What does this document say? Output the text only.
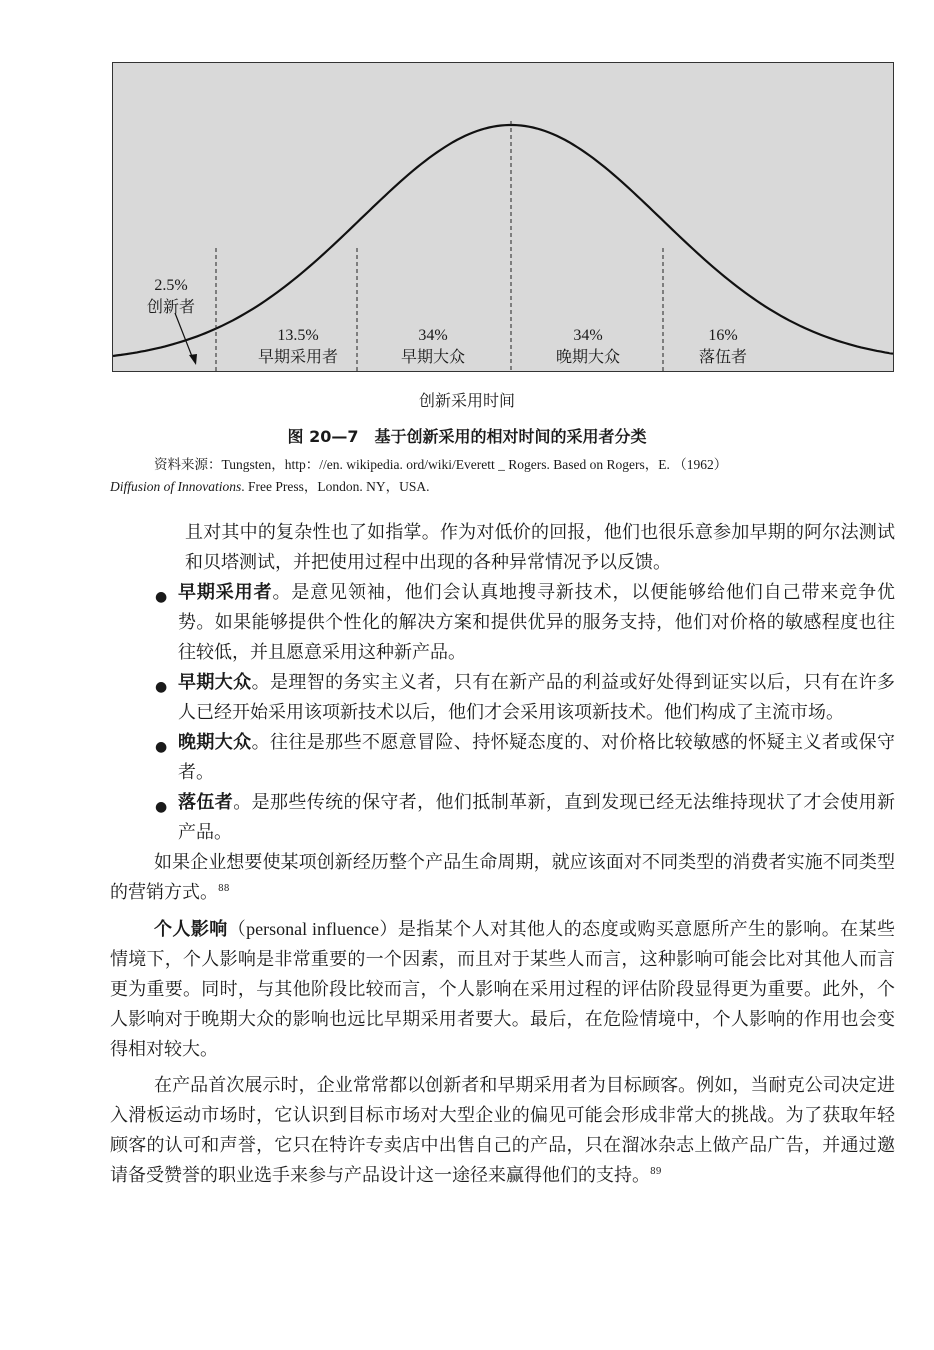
2.5%
创新者
13.5%
早期采用者
34%
早期大众
34%
晚期大众
16%
落伍者
创新采用时间
图 20—7　基于创新采用的相对时间的采用者分类
资料来源：Tungsten，http：//en. wikipedia. ord/wiki/Everett _ Rogers. Based on Rogers，E. （1962）
Diffusion of Innovations. Free Press，London. NY，USA.

且对其中的复杂性也了如指掌。作为对低价的回报，他们也很乐意参加早期的阿尔法测试和贝塔测试，并把使用过程中出现的各种异常情况予以反馈。

● 早期采用者。是意见领袖，他们会认真地搜寻新技术，以便能够给他们自己带来竞争优势。如果能够提供个性化的解决方案和提供优异的服务支持，他们对价格的敏感程度也往往较低，并且愿意采用这种新产品。

● 早期大众。是理智的务实主义者，只有在新产品的利益或好处得到证实以后，只有在许多人已经开始采用该项新技术以后，他们才会采用该项新技术。他们构成了主流市场。

● 晚期大众。往往是那些不愿意冒险、持怀疑态度的、对价格比较敏感的怀疑主义者或保守者。

● 落伍者。是那些传统的保守者，他们抵制革新，直到发现已经无法维持现状了才会使用新产品。

如果企业想要使某项创新经历整个产品生命周期，就应该面对不同类型的消费者实施不同类型的营销方式。$^{88}$

个人影响（personal influence）是指某个人对其他人的态度或购买意愿所产生的影响。在某些情境下，个人影响是非常重要的一个因素，而且对于某些人而言，这种影响可能会比对其他人而言更为重要。同时，与其他阶段比较而言，个人影响在采用过程的评估阶段显得更为重要。此外，个人影响对于晚期大众的影响也远比早期采用者要大。最后，在危险情境中，个人影响的作用也会变得相对较大。

在产品首次展示时，企业常常都以创新者和早期采用者为目标顾客。例如，当耐克公司决定进入滑板运动市场时，它认识到目标市场对大型企业的偏见可能会形成非常大的挑战。为了获取年轻顾客的认可和声誉，它只在特许专卖店中出售自己的产品，只在溜冰杂志上做产品广告，并通过邀请备受赞誉的职业选手来参与产品设计这一途径来赢得他们的支持。$^{89}$
